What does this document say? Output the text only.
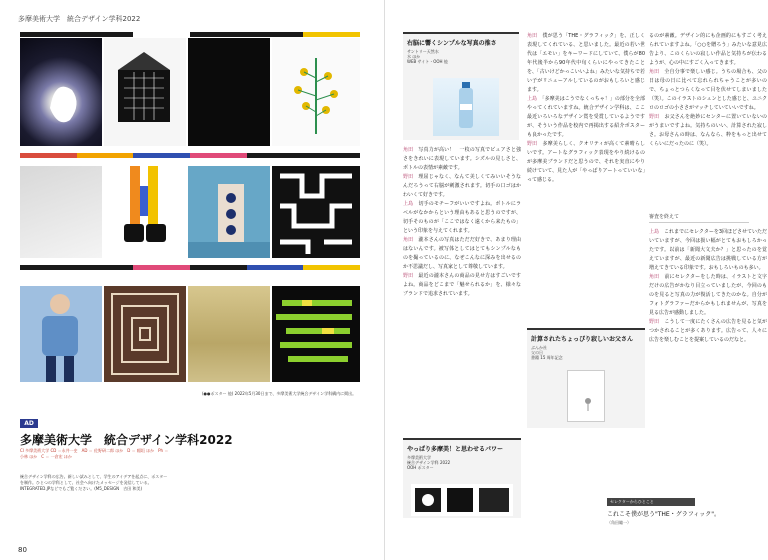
多摩美術大学　統合デザイン学科2022
(●●ポスター 他) 2022年5月30日まで、多摩美術大学統合デザイン学科構内に掲出。
AD
多摩美術大学　統合デザイン学科2022
Cl 多摩美術大学 CD ＝永井一史　AD ＝ 佐野研二郎 ほか　D ＝ 稲垣 ほか　Ph ＝ 小林 ほか　C ＝ 一倉宏 ほか
統合デザイン学科の広告。新しい試みとして、学生のアイデアを起点に、ポスターを制作。ひとつの学科として、社会へ向けたメッセージを発信している。INTEGRATED.JPなどでもご覧ください。(M5_DESIGN　吉田 和美)
80
右脳に響くシンプルな写真の推さ
サントリー天然水
水 ほか
WEB サイト・OOH 他

角田　 写真力が高い！　一枚の写真でピュアさと強さをきれいに表現しています。シズルの見しさと、ボトルの表情が素敵です。

野田　 理屈じゃなく、なんて美しくてみいいそうなんだろうって右脳が刺激されます。切手の口ゴはかわいくて好きです。

上島　 切手のモチーフがいいですよね。ボトルにラベルがなかからという理由もあると思うのですが、切手そのものが「ここではなく遠くから来たもの」という印象を与えてくれます。

角田　 瀧本さんの写真はただだ好きで、あまり理由はないんです。被写体としてはとてもシンプルなものを撮っているのに、なぜこんなに深みを出せるのか不思議だし、写真家として尊敬しています。

野田　 最近の瀧本さんの商品の見せ方はすごいですよね。商品をどこまで「魅せられるか」を、様々なブランドで追求されています。

やっぱり多摩美！と思わせるパワー
多摩美術大学
統合デザイン学科 2022
OOH ポスター

角田　 僕が思う「THE・グラフィック」を、正しく表現してくれている、と思いました。最近の若い世代は「エモい」をキーワードにしていて、僕らが80年代後半から90年代中旬くらいにやってきたことを、「古いけどかっこいいよね」みたいな気持ちで若い子がリニューアルしているのがおもしろいと感じます。

上島　 「多摩美はこうでなくっちゃ！」の部分を全部やってくれていますね。統合デザイン学科は、ここ最近いろいろなデザイン賞を受賞しているようですが、そういう作品を校内で再掲出する紹介ポスターも良かったです。

野田　 多摩美らしく、クオリティが高くて素晴らしいです。アートなグラフィック表現をやり続けるのが多摩美ブランドだと思うので、それを実直にやり続けていて、見た人が「やっぱりアートっていいな」って感じる。

計算されたちょっぴり寂しいお父さん
ぶんか社
父の日
書籍 15 周年記念
セレクターからひとこと
これこそ僕が思う"THE・グラフィック"。
（角田瞳一）

るのが素敵。デザイン的にも企画的にもすごく考えられていますよね。「○○を贈ろう」みたいな意見広告より、このくらいの寂しい作品と気持ちが伝わるようが、心の中にすごく入ってきます。

角田　 全自分事で楽しい感じ。うちの場合も、父の日は母の日に比べて忘れられちゃうことが多いので、ちょっとつらくなって目を伏せてしまいました（笑）。このイラストのシュンとした感じと、ユニクロのロゴの小ささがマッチしていていいですね。

野田　 お父さんを絶妙にセンターに置いていないのがうまいですよね。気持ちのいい、計算された寂しさ。お母さんの時は、なんなら、粋をもっと出せてくらいにだったのに（笑）。

審査を終えて

上島　 これまでにセレクターを3回ほどさせていただいていますが、今回は扱い幅がとてもおもしろかったです。以前は「新聞大文夫か？」と思ったのを覚えていますが、最近の新聞広告は挑戦している方が増えてきている印象です。おもしろいものも多い。

角田　 前にセレクターをした時は、イラストと文字だけの広告がかなり目立っていましたが、今回のものを見ると写真の力が復活してきたのかな。自分がフォトグラファーだからかもしれませんが、写真を見る広告が感動しました。

野田　 こうして一度にたくさんの広告を見ると気がつかされることが多くあります。広告って、人々に広告を楽しむことを提案しているのだなと。
